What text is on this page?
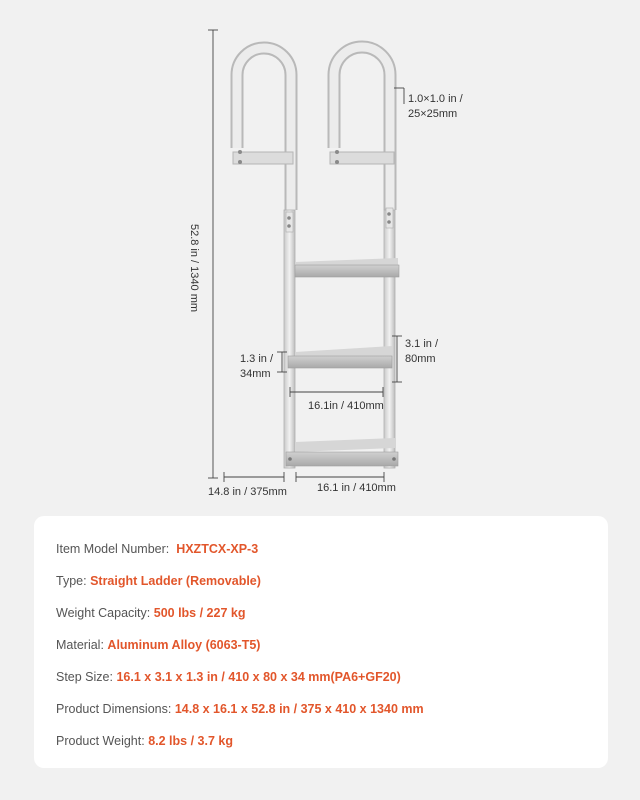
1.0×1.0 in /
25×25mm
52.8 in / 1340 mm
3.1 in /
80mm
1.3 in /
34mm
16.1in / 410mm
14.8 in / 375mm	16.1 in / 410mm
Item Model Number: HXZTCX-XP-3
Type: Straight Ladder (Removable)
Weight Capacity: 500 lbs / 227 kg
Material: Aluminum Alloy (6063-T5)
Step Size: 16.1 x 3.1 x 1.3 in / 410 x 80 x 34 mm(PA6+GF20)
Product Dimensions: 14.8 x 16.1 x 52.8 in / 375 x 410 x 1340 mm
Product Weight: 8.2 lbs / 3.7 kg
